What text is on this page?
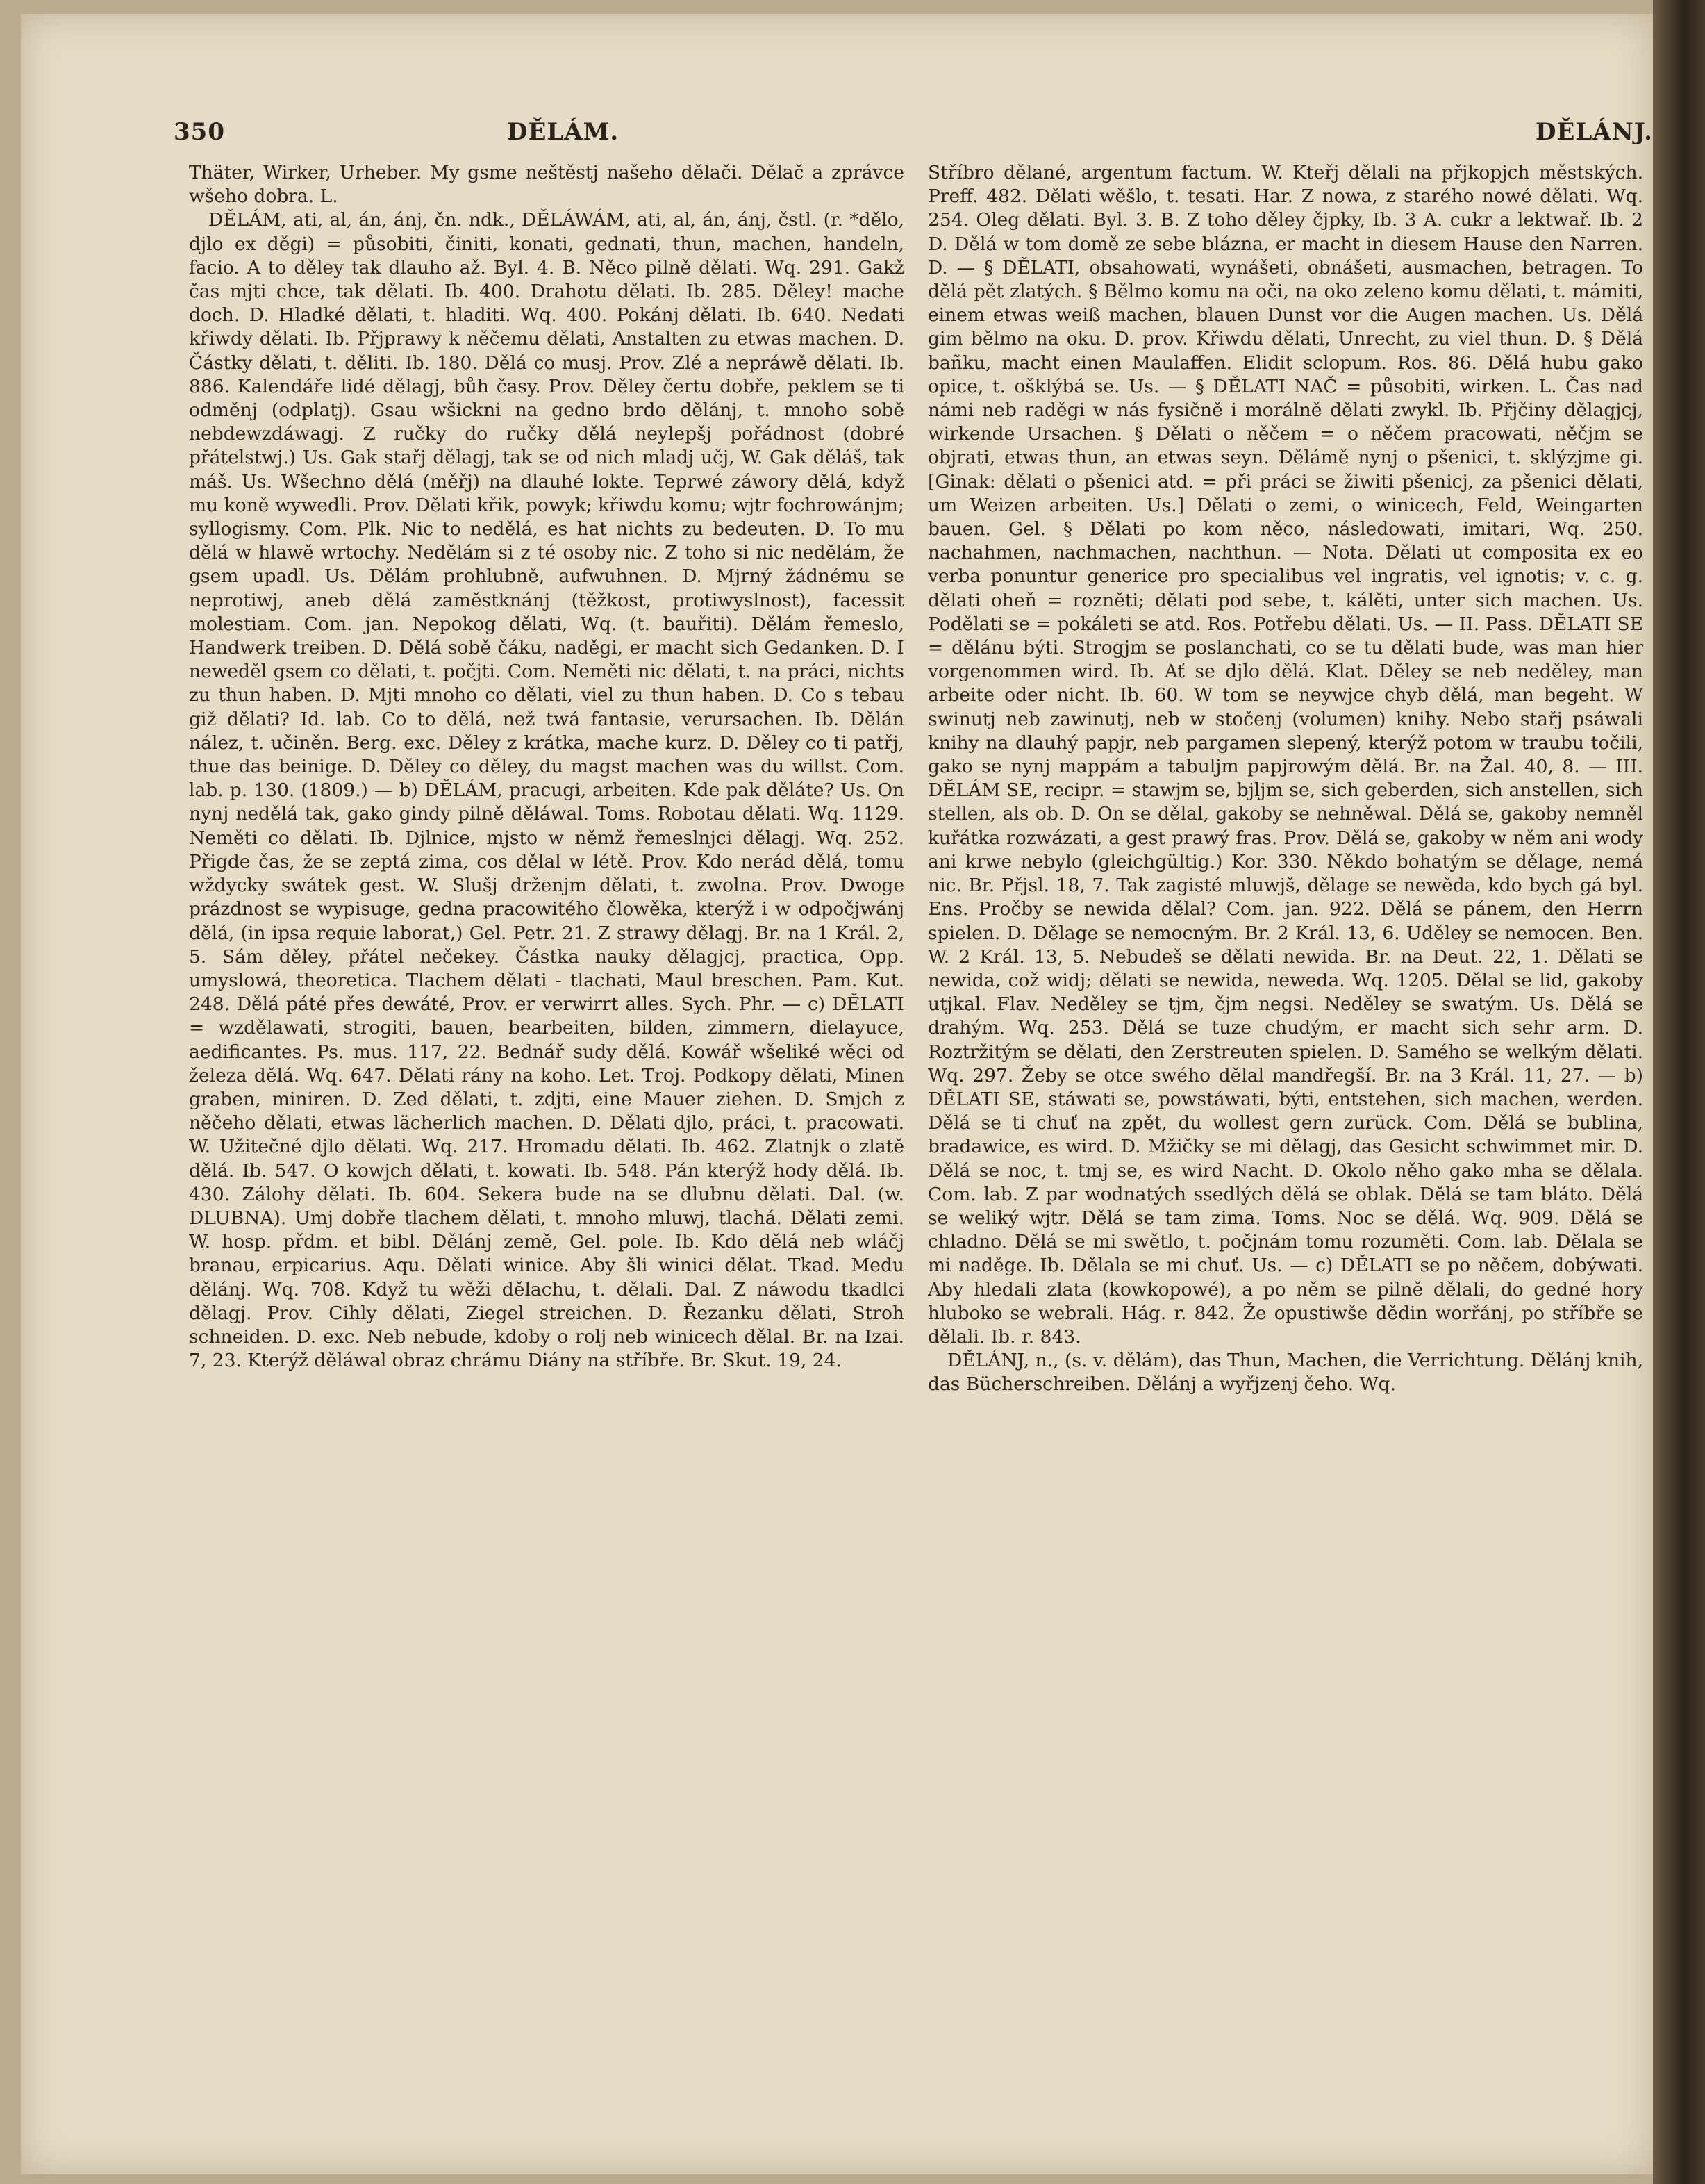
350	DĚLÁM.	DĚLÁNJ.

Thäter, Wirker, Urheber. My gsme neštěstj našeho dělači. Dělač a zprávce wšeho dobra. L.

DĚLÁM, ati, al, án, ánj, čn. ndk., DĚLÁWÁM, ati, al, án, ánj, čstl. (r. *dělo, djlo ex děgi) = působiti, činiti, konati, gednati, thun, machen, handeln, facio. A to děley tak dlauho až. Byl. 4. B. Něco pilně dělati. Wq. 291. Gakž čas mjti chce, tak dělati. Ib. 400. Drahotu dělati. Ib. 285. Děley! mache doch. D. Hladké dělati, t. hladiti. Wq. 400. Pokánj dělati. Ib. 640. Nedati křiwdy dělati. Ib. Přjprawy k něčemu dělati, Anstalten zu etwas machen. D. Částky dělati, t. děliti. Ib. 180. Dělá co musj. Prov. Zlé a nepráwě dělati. Ib. 886. Kalendáře lidé dělagj, bůh časy. Prov. Děley čertu dobře, peklem se ti odměnj (odplatj). Gsau wšickni na gedno brdo dělánj, t. mnoho sobě nebdewzdáwagj. Z ručky do ručky dělá neylepšj pořádnost (dobré přátelstwj.) Us. Gak stařj dělagj, tak se od nich mladj učj, W. Gak děláš, tak máš. Us. Wšechno dělá (měřj) na dlauhé lokte. Teprwé záwory dělá, když mu koně wywedli. Prov. Dělati křik, powyk; křiwdu komu; wjtr fochrowánjm; syllogismy. Com. Plk. Nic to nedělá, es hat nichts zu bedeuten. D. To mu dělá w hlawě wrtochy. Nedělám si z té osoby nic. Z toho si nic nedělám, že gsem upadl. Us. Dělám prohlubně, aufwuhnen. D. Mjrný žádnému se neprotiwj, aneb dělá zaměstknánj (těžkost, protiwyslnost), facessit molestiam. Com. jan. Nepokog dělati, Wq. (t. bauřiti). Dělám řemeslo, Handwerk treiben. D. Dělá sobě čáku, naděgi, er macht sich Gedanken. D. I neweděl gsem co dělati, t. počjti. Com. Neměti nic dělati, t. na práci, nichts zu thun haben. D. Mjti mnoho co dělati, viel zu thun haben. D. Co s tebau giž dělati? Id. lab. Co to dělá, než twá fantasie, verursachen. Ib. Dělán nález, t. učiněn. Berg. exc. Děley z krátka, mache kurz. D. Děley co ti patřj, thue das beinige. D. Děley co děley, du magst machen was du willst. Com. lab. p. 130. (1809.) — b) DĚLÁM, pracugi, arbeiten. Kde pak děláte? Us. On nynj nedělá tak, gako gindy pilně děláwal. Toms. Robotau dělati. Wq. 1129. Neměti co dělati. Ib. Djlnice, mjsto w němž řemeslnjci dělagj. Wq. 252. Přigde čas, že se zeptá zima, cos dělal w létě. Prov. Kdo nerád dělá, tomu wždycky swátek gest. W. Slušj drženjm dělati, t. zwolna. Prov. Dwoge prázdnost se wypisuge, gedna pracowitého člowěka, kterýž i w odpočjwánj dělá, (in ipsa requie laborat,) Gel. Petr. 21. Z strawy dělagj. Br. na 1 Král. 2, 5. Sám děley, přátel nečekey. Částka nauky dělagjcj, practica, Opp. umyslowá, theoretica. Tlachem dělati - tlachati, Maul breschen. Pam. Kut. 248. Dělá páté přes dewáté, Prov. er verwirrt alles. Sych. Phr. — c) DĚLATI = wzdělawati, strogiti, bauen, bearbeiten, bilden, zimmern, dielayuce, aedificantes. Ps. mus. 117, 22. Bednář sudy dělá. Kowář wšeliké wěci od železa dělá. Wq. 647. Dělati rány na koho. Let. Troj. Podkopy dělati, Minen graben, miniren. D. Zed dělati, t. zdjti, eine Mauer ziehen. D. Smjch z něčeho dělati, etwas lächerlich machen. D. Dělati djlo, práci, t. pracowati. W. Užitečné djlo dělati. Wq. 217. Hromadu dělati. Ib. 462. Zlatnjk o zlatě dělá. Ib. 547. O kowjch dělati, t. kowati. Ib. 548. Pán kterýž hody dělá. Ib. 430. Zálohy dělati. Ib. 604. Sekera bude na se dlubnu dělati. Dal. (w. DLUBNA). Umj dobře tlachem dělati, t. mnoho mluwj, tlachá. Dělati zemi. W. hosp. přdm. et bibl. Dělánj země, Gel. pole. Ib. Kdo dělá neb wláčj branau, erpicarius. Aqu. Dělati winice. Aby šli winici dělat. Tkad. Medu dělánj. Wq. 708. Když tu wěži dělachu, t. dělali. Dal. Z náwodu tkadlci dělagj. Prov. Cihly dělati, Ziegel streichen. D. Řezanku dělati, Stroh schneiden. D. exc. Neb nebude, kdoby o rolj neb winicech dělal. Br. na Izai. 7, 23. Kterýž děláwal obraz chrámu Diány na stříbře. Br. Skut. 19, 24.

Stříbro dělané, argentum factum. W. Kteřj dělali na přjkopjch městských. Preff. 482. Dělati wěšlo, t. tesati. Har. Z nowa, z starého nowé dělati. Wq. 254. Oleg dělati. Byl. 3. B. Z toho děley čjpky, Ib. 3 A. cukr a lektwař. Ib. 2 D. Dělá w tom domě ze sebe blázna, er macht in diesem Hause den Narren. D. — § DĚLATI, obsahowati, wynášeti, obnášeti, ausmachen, betragen. To dělá pět zlatých. § Bělmo komu na oči, na oko zeleno komu dělati, t. mámiti, einem etwas weiß machen, blauen Dunst vor die Augen machen. Us. Dělá gim bělmo na oku. D. prov. Křiwdu dělati, Unrecht, zu viel thun. D. § Dělá bañku, macht einen Maulaffen. Elidit sclopum. Ros. 86. Dělá hubu gako opice, t. ošklýbá se. Us. — § DĚLATI NAČ = působiti, wirken. L. Čas nad námi neb raděgi w nás fysičně i morálně dělati zwykl. Ib. Přjčiny dělagjcj, wirkende Ursachen. § Dělati o něčem = o něčem pracowati, něčjm se objrati, etwas thun, an etwas seyn. Dělámě nynj o pšenici, t. sklýzjme gi. [Ginak: dělati o pšenici atd. = při práci se žiwiti pšenicj, za pšenici dělati, um Weizen arbeiten. Us.] Dělati o zemi, o winicech, Feld, Weingarten bauen. Gel. § Dělati po kom něco, následowati, imitari, Wq. 250. nachahmen, nachmachen, nachthun. — Nota. Dělati ut composita ex eo verba ponuntur generice pro specialibus vel ingratis, vel ignotis; v. c. g. dělati oheň = rozněti; dělati pod sebe, t. kálěti, unter sich machen. Us. Podělati se = pokáleti se atd. Ros. Potřebu dělati. Us. — II. Pass. DĚLATI SE = dělánu býti. Strogjm se poslanchati, co se tu dělati bude, was man hier vorgenommen wird. Ib. Ať se djlo dělá. Klat. Děley se neb neděley, man arbeite oder nicht. Ib. 60. W tom se neywjce chyb dělá, man begeht. W swinutj neb zawinutj, neb w stočenj (volumen) knihy. Nebo stařj psáwali knihy na dlauhý papjr, neb pargamen slepený, kterýž potom w traubu točili, gako se nynj mappám a tabuljm papjrowým dělá. Br. na Žal. 40, 8. — III. DĚLÁM SE, recipr. = stawjm se, bjljm se, sich geberden, sich anstellen, sich stellen, als ob. D. On se dělal, gakoby se nehněwal. Dělá se, gakoby nemněl kuřátka rozwázati, a gest prawý fras. Prov. Dělá se, gakoby w něm ani wody ani krwe nebylo (gleichgültig.) Kor. 330. Někdo bohatým se dělage, nemá nic. Br. Přjsl. 18, 7. Tak zagisté mluwjš, dělage se newěda, kdo bych gá byl. Ens. Pročby se newida dělal? Com. jan. 922. Dělá se pánem, den Herrn spielen. D. Dělage se nemocným. Br. 2 Král. 13, 6. Uděley se nemocen. Ben. W. 2 Král. 13, 5. Nebudeš se dělati newida. Br. na Deut. 22, 1. Dělati se newida, což widj; dělati se newida, neweda. Wq. 1205. Dělal se lid, gakoby utjkal. Flav. Neděley se tjm, čjm negsi. Neděley se swatým. Us. Dělá se drahým. Wq. 253. Dělá se tuze chudým, er macht sich sehr arm. D. Roztržitým se dělati, den Zerstreuten spielen. D. Samého se welkým dělati. Wq. 297. Žeby se otce swého dělal mandřegší. Br. na 3 Král. 11, 27. — b) DĚLATI SE, stáwati se, powstáwati, býti, entstehen, sich machen, werden. Dělá se ti chuť na zpět, du wollest gern zurück. Com. Dělá se bublina, bradawice, es wird. D. Mžičky se mi dělagj, das Gesicht schwimmet mir. D. Dělá se noc, t. tmj se, es wird Nacht. D. Okolo něho gako mha se dělala. Com. lab. Z par wodnatých ssedlých dělá se oblak. Dělá se tam bláto. Dělá se weliký wjtr. Dělá se tam zima. Toms. Noc se dělá. Wq. 909. Dělá se chladno. Dělá se mi swětlo, t. počjnám tomu rozuměti. Com. lab. Dělala se mi naděge. Ib. Dělala se mi chuť. Us. — c) DĚLATI se po něčem, dobýwati. Aby hledali zlata (kowkopowé), a po něm se pilně dělali, do gedné hory hluboko se webrali. Hág. r. 842. Že opustiwše dědin worřánj, po stříbře se dělali. Ib. r. 843.

DĚLÁNJ, n., (s. v. dělám), das Thun, Machen, die Verrichtung. Dělánj knih, das Bücherschreiben. Dělánj a wyřjzenj čeho. Wq.
